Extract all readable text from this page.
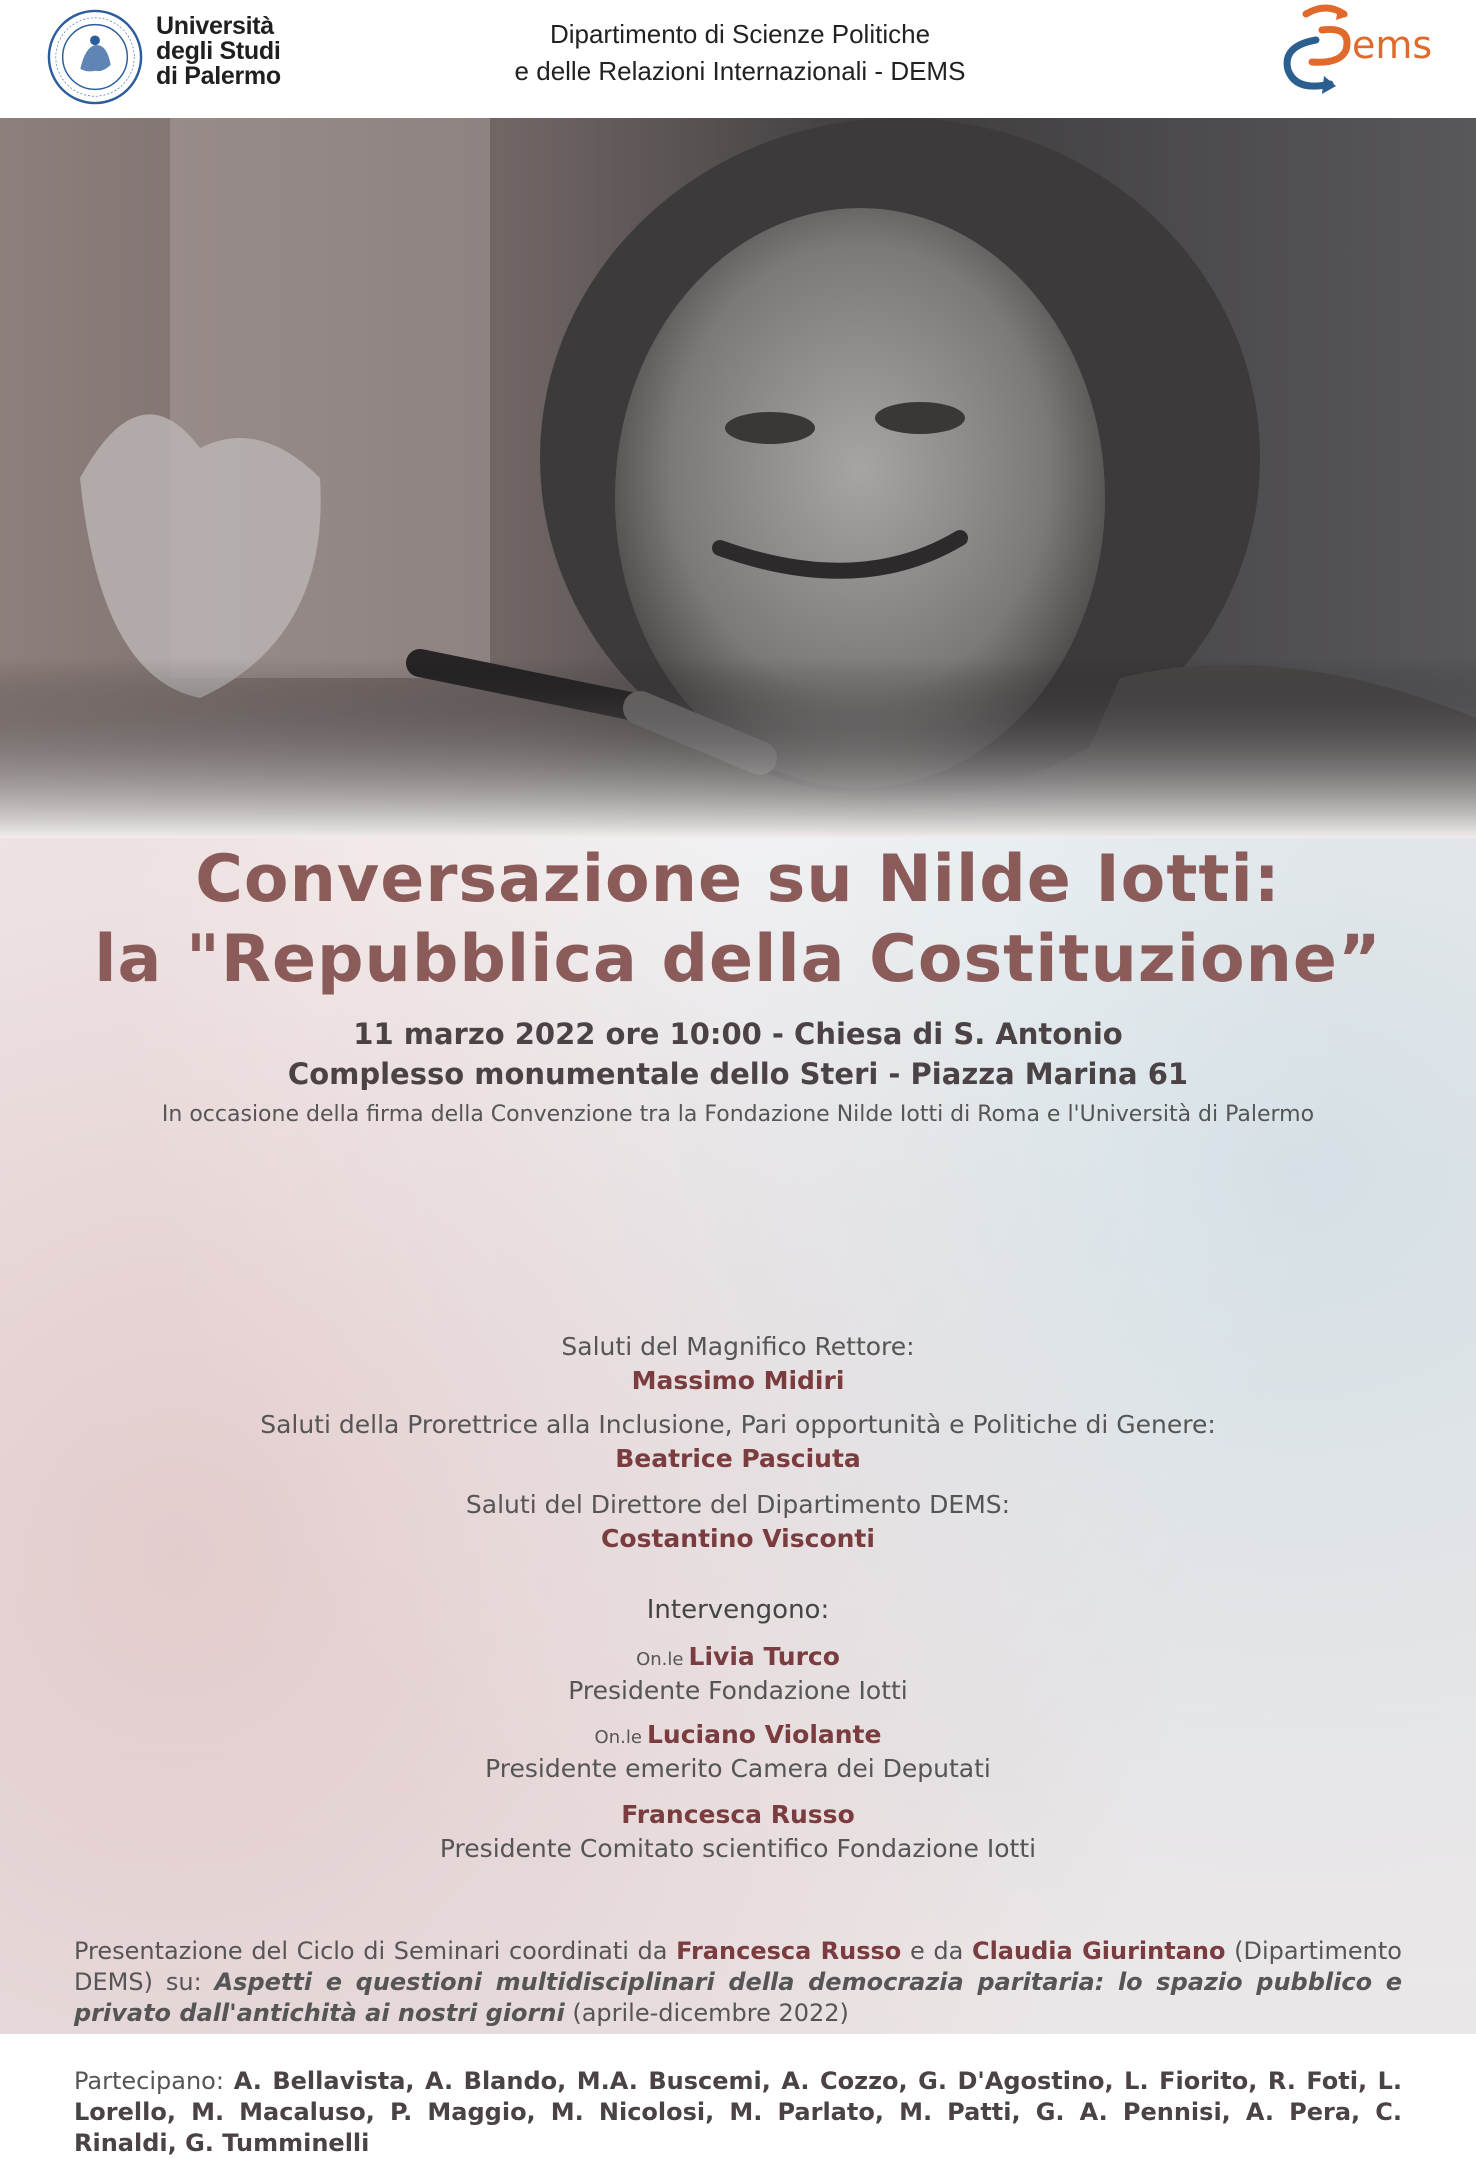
Università
degli Studi
di Palermo
Dipartimento di Scienze Politiche
e delle Relazioni Internazionali - DEMS
ems
Conversazione su Nilde Iotti:
la "Repubblica della Costituzione”
11 marzo 2022 ore 10:00 - Chiesa di S. Antonio
Complesso monumentale dello Steri - Piazza Marina 61
In occasione della firma della Convenzione tra la Fondazione Nilde Iotti di Roma e l'Università di Palermo
Saluti del Magnifico Rettore:
Massimo Midiri
Saluti della Prorettrice alla Inclusione, Pari opportunità e Politiche di Genere:
Beatrice Pasciuta
Saluti del Direttore del Dipartimento DEMS:
Costantino Visconti
Intervengono:
On.le Livia Turco
Presidente Fondazione Iotti
On.le Luciano Violante
Presidente emerito Camera dei Deputati
Francesca Russo
Presidente Comitato scientifico Fondazione Iotti
Presentazione del Ciclo di Seminari coordinati da Francesca Russo e da Claudia Giurintano (Dipartimento DEMS) su: Aspetti e questioni multidisciplinari della democrazia paritaria: lo spazio pubblico e privato dall'antichità ai nostri giorni (aprile-dicembre 2022)
Partecipano: A. Bellavista, A. Blando, M.A. Buscemi, A. Cozzo, G. D'Agostino, L. Fiorito, R. Foti, L. Lorello, M. Macaluso, P. Maggio, M. Nicolosi, M. Parlato, M. Patti, G. A. Pennisi, A. Pera, C. Rinaldi, G. Tumminelli
